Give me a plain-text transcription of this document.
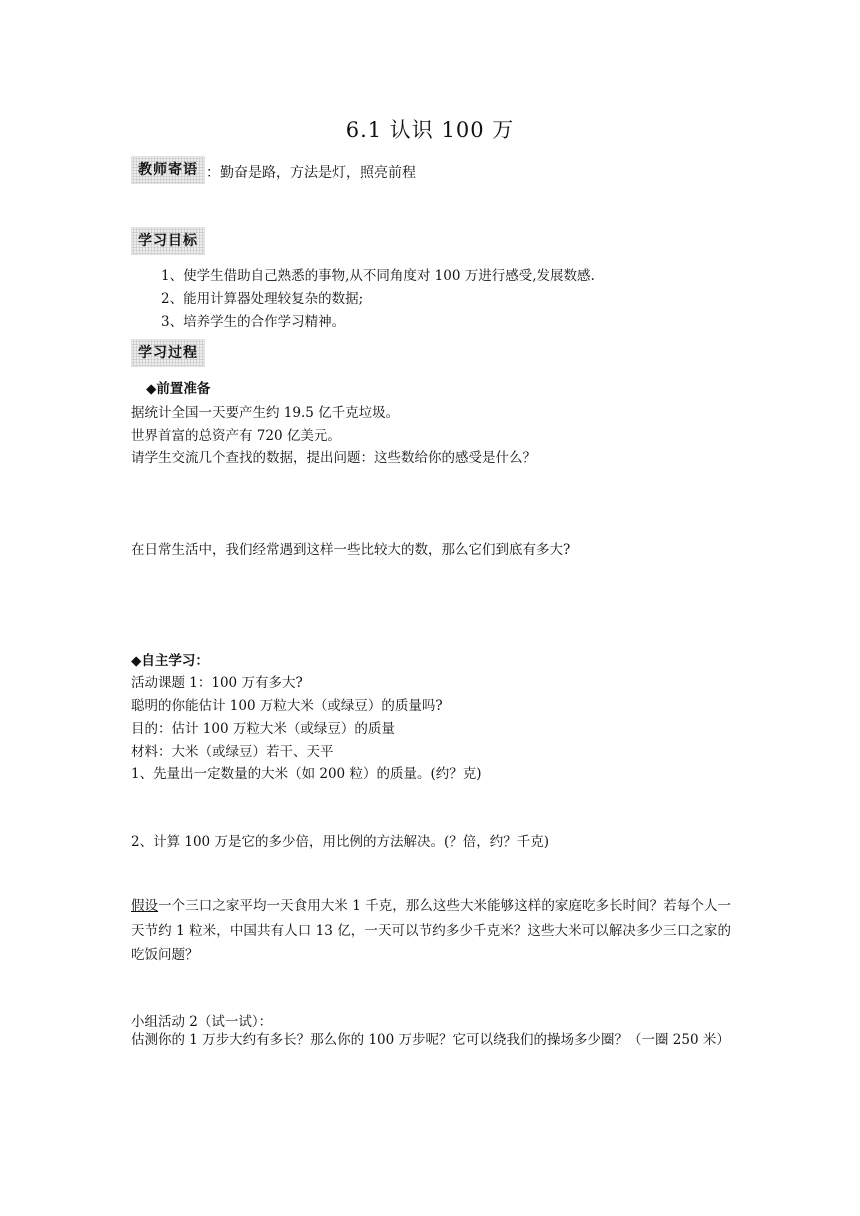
6.1 认识 100 万
教师寄语 ：勤奋是路，方法是灯，照亮前程
学习目标
1、使学生借助自己熟悉的事物,从不同角度对 100 万进行感受,发展数感.
2、能用计算器处理较复杂的数据;
3、培养学生的合作学习精神。
学习过程
◆前置准备
据统计全国一天要产生约 19.5 亿千克垃圾。
世界首富的总资产有 720 亿美元。
请学生交流几个查找的数据，提出问题：这些数给你的感受是什么？
在日常生活中，我们经常遇到这样一些比较大的数，那么它们到底有多大?
◆自主学习：
活动课题 1：100 万有多大?
聪明的你能估计 100 万粒大米（或绿豆）的质量吗?
目的：估计 100 万粒大米（或绿豆）的质量
材料：大米（或绿豆）若干、天平
1、先量出一定数量的大米（如 200 粒）的质量。(约？克)
2、计算 100 万是它的多少倍，用比例的方法解决。(？倍，约？千克)
假设一个三口之家平均一天食用大米 1 千克，那么这些大米能够这样的家庭吃多长时间？若每个人一天节约 1 粒米，中国共有人口 13 亿，一天可以节约多少千克米？这些大米可以解决多少三口之家的吃饭问题？
小组活动 2（试一试）：
估测你的 1 万步大约有多长？那么你的 100 万步呢？它可以绕我们的操场多少圈？（一圈 250 米）
